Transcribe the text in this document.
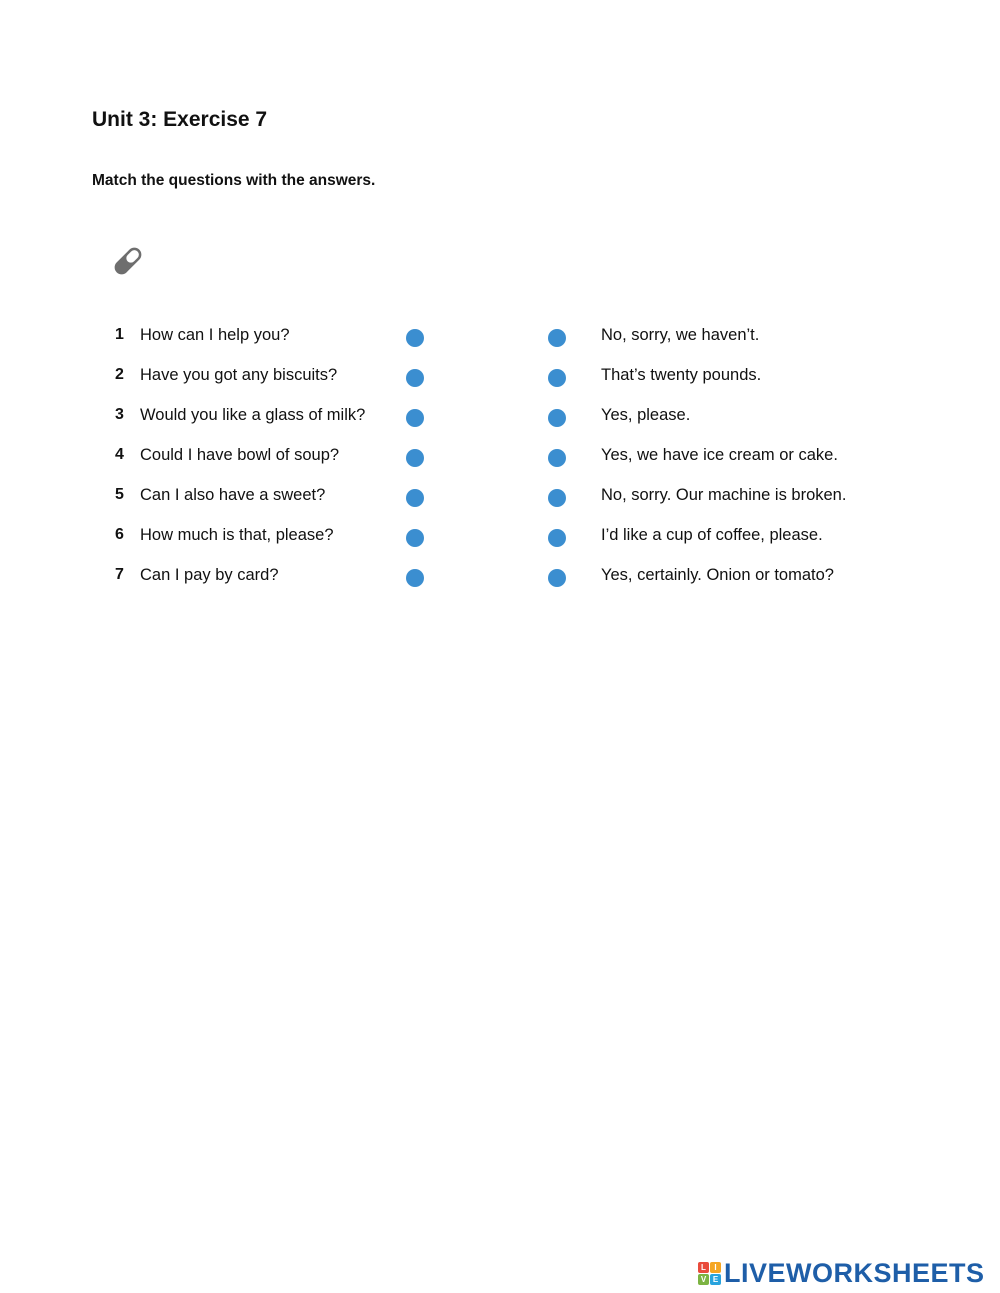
Unit 3: Exercise 7

Match the questions with the answers.

1 How can I help you?	No, sorry, we haven’t.
2 Have you got any biscuits?	That’s twenty pounds.
3 Would you like a glass of milk?	Yes, please.
4 Could I have bowl of soup?	Yes, we have ice cream or cake.
5 Can I also have a sweet?	No, sorry. Our machine is broken.
6 How much is that, please?	I’d like a cup of coffee, please.
7 Can I pay by card?	Yes, certainly. Onion or tomato?
L	I
V E LIVEWORKSHEETS
